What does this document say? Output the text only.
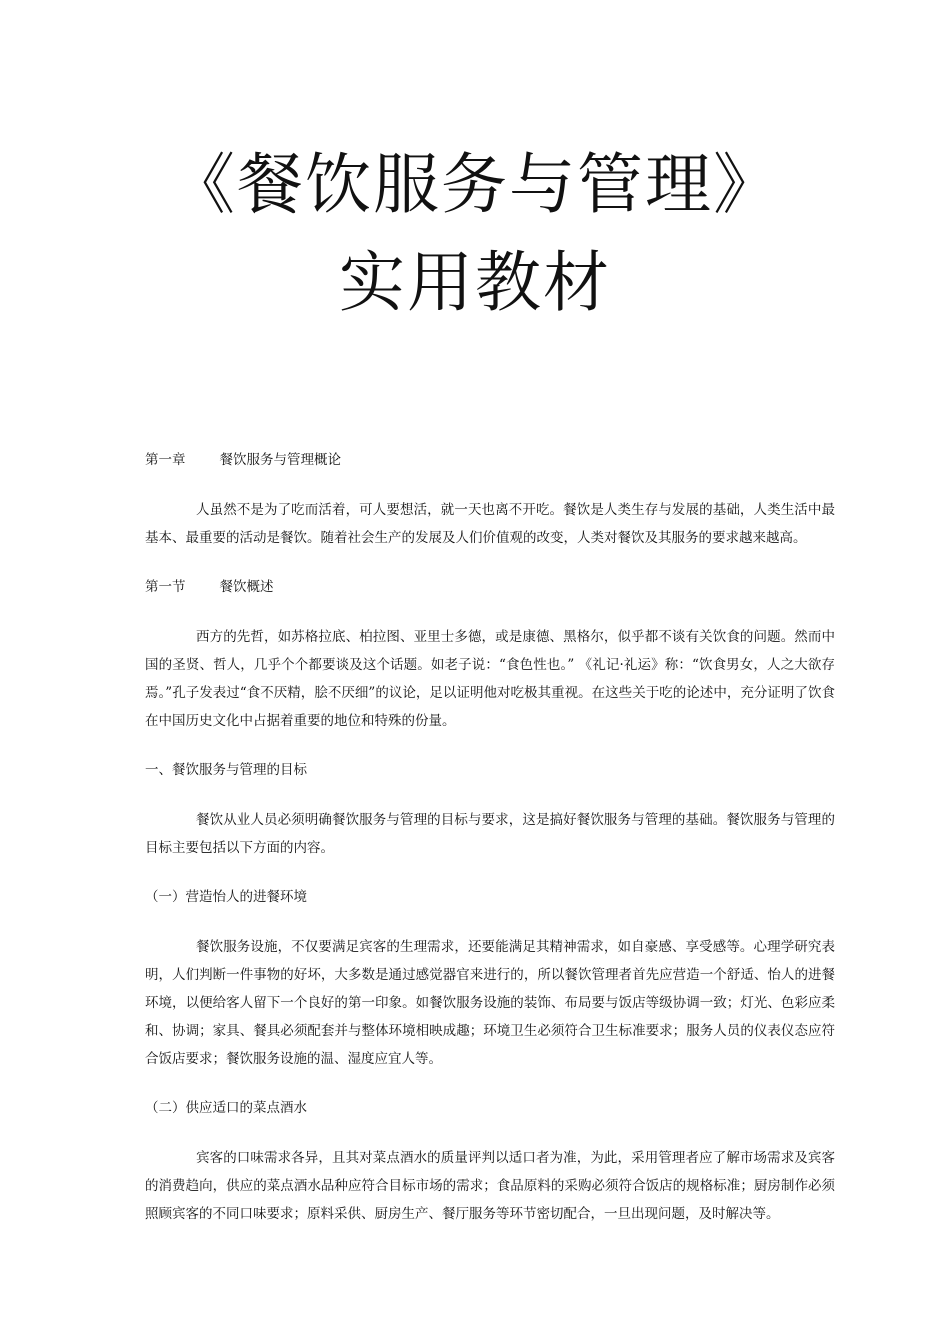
《餐饮服务与管理》
实用教材

第一章	餐饮服务与管理概论

人虽然不是为了吃而活着，可人要想活，就一天也离不开吃。餐饮是人类生存与发展的基础，人类生活中最基本、最重要的活动是餐饮。随着社会生产的发展及人们价值观的改变，人类对餐饮及其服务的要求越来越高。

第一节	餐饮概述

西方的先哲，如苏格拉底、柏拉图、亚里士多德，或是康德、黑格尔，似乎都不谈有关饮食的问题。然而中国的圣贤、哲人，几乎个个都要谈及这个话题。如老子说：“食色性也。” 《礼记·礼运》称：“饮食男女，人之大欲存焉。”孔子发表过“食不厌精，脍不厌细”的议论，足以证明他对吃极其重视。在这些关于吃的论述中，充分证明了饮食在中国历史文化中占据着重要的地位和特殊的份量。

一、餐饮服务与管理的目标

餐饮从业人员必须明确餐饮服务与管理的目标与要求，这是搞好餐饮服务与管理的基础。餐饮服务与管理的目标主要包括以下方面的内容。

（一）营造怡人的进餐环境

餐饮服务设施，不仅要满足宾客的生理需求，还要能满足其精神需求，如自豪感、享受感等。心理学研究表明，人们判断一件事物的好坏，大多数是通过感觉器官来进行的，所以餐饮管理者首先应营造一个舒适、怡人的进餐环境，以便给客人留下一个良好的第一印象。如餐饮服务设施的装饰、布局要与饭店等级协调一致；灯光、色彩应柔和、协调；家具、餐具必须配套并与整体环境相映成趣；环境卫生必须符合卫生标准要求；服务人员的仪表仪态应符合饭店要求；餐饮服务设施的温、湿度应宜人等。

（二）供应适口的菜点酒水

宾客的口味需求各异，且其对菜点酒水的质量评判以适口者为准，为此，采用管理者应了解市场需求及宾客的消费趋向，供应的菜点酒水品种应符合目标市场的需求；食品原料的采购必须符合饭店的规格标准；厨房制作必须照顾宾客的不同口味要求；原料采供、厨房生产、餐厅服务等环节密切配合，一旦出现问题，及时解决等。
